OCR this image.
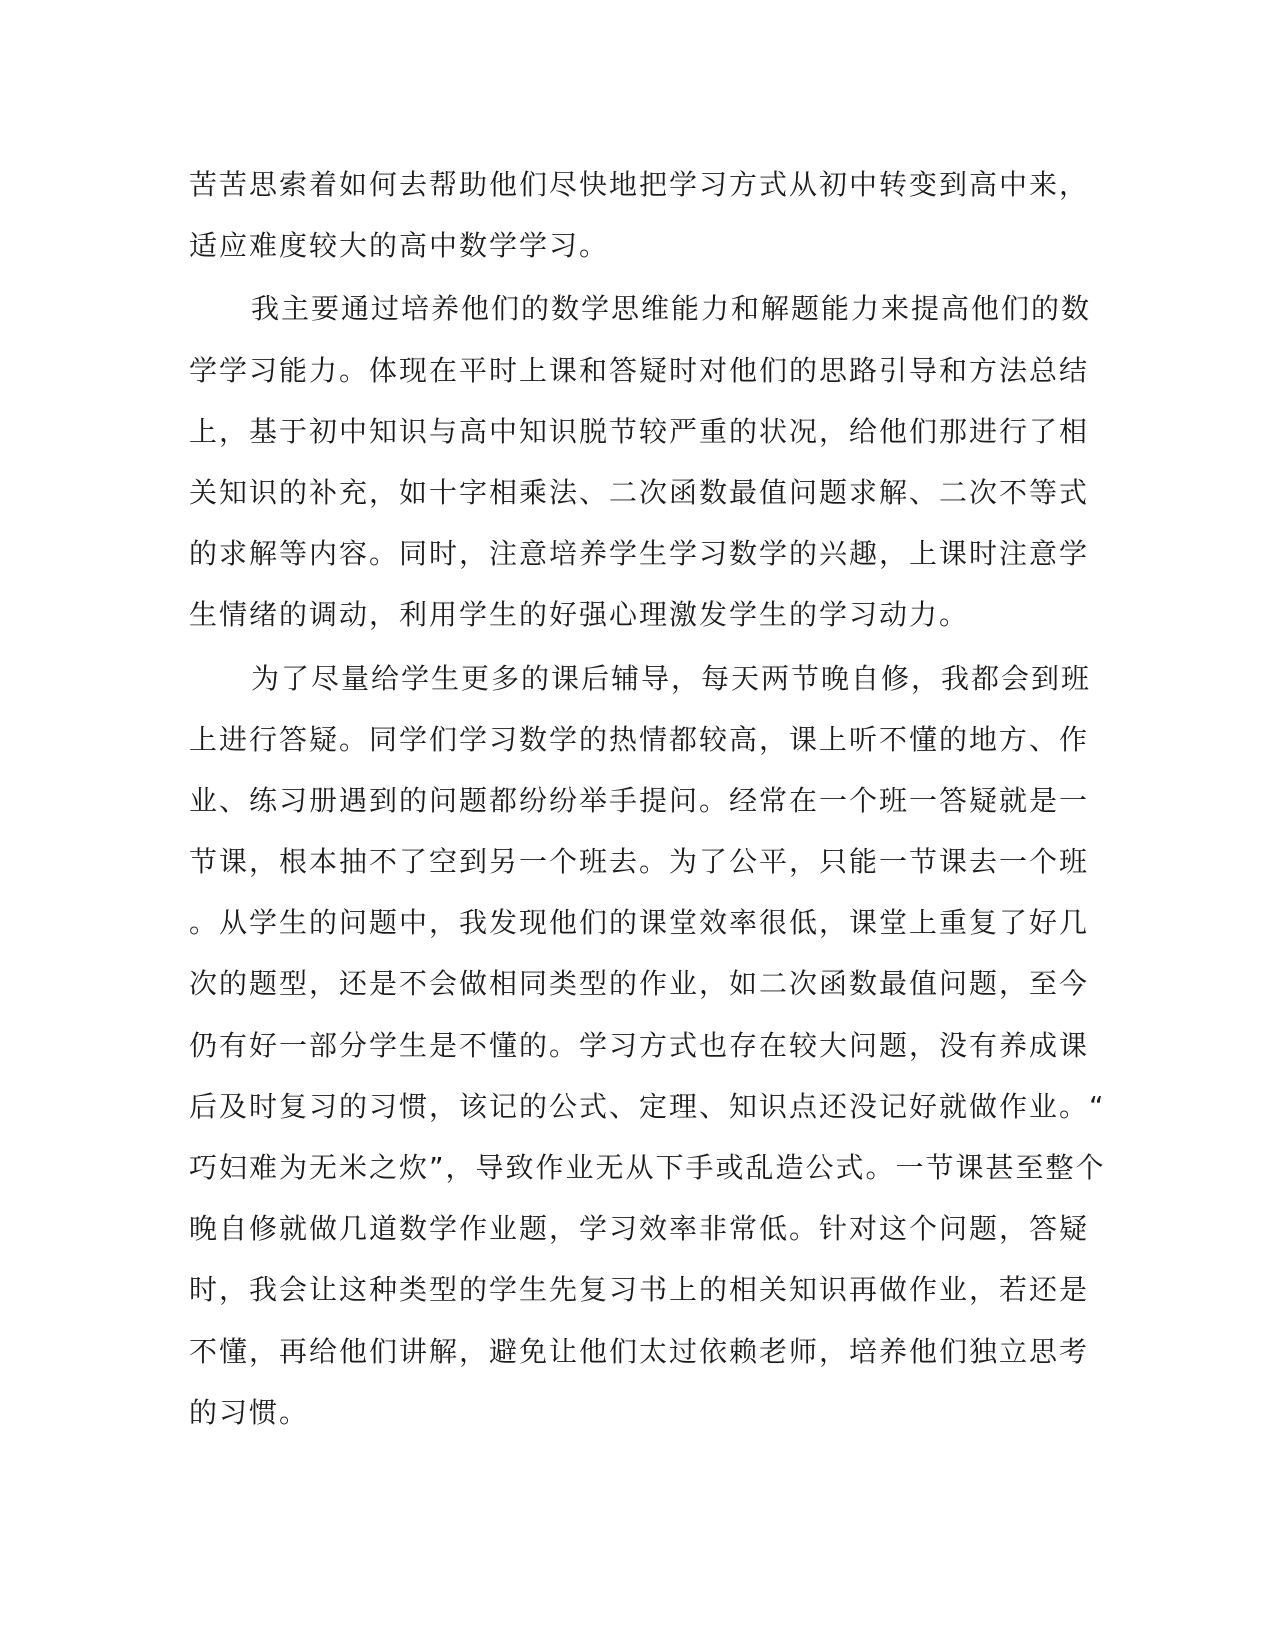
苦苦思索着如何去帮助他们尽快地把学习方式从初中转变到高中来，
适应难度较大的高中数学学习。
我主要通过培养他们的数学思维能力和解题能力来提高他们的数
学学习能力。体现在平时上课和答疑时对他们的思路引导和方法总结
上，基于初中知识与高中知识脱节较严重的状况，给他们那进行了相
关知识的补充，如十字相乘法、二次函数最值问题求解、二次不等式
的求解等内容。同时，注意培养学生学习数学的兴趣，上课时注意学
生情绪的调动，利用学生的好强心理激发学生的学习动力。
为了尽量给学生更多的课后辅导，每天两节晚自修，我都会到班
上进行答疑。同学们学习数学的热情都较高，课上听不懂的地方、作
业、练习册遇到的问题都纷纷举手提问。经常在一个班一答疑就是一
节课，根本抽不了空到另一个班去。为了公平，只能一节课去一个班
。从学生的问题中，我发现他们的课堂效率很低，课堂上重复了好几
次的题型，还是不会做相同类型的作业，如二次函数最值问题，至今
仍有好一部分学生是不懂的。学习方式也存在较大问题，没有养成课
后及时复习的习惯，该记的公式、定理、知识点还没记好就做作业。“
巧妇难为无米之炊”，导致作业无从下手或乱造公式。一节课甚至整个
晚自修就做几道数学作业题，学习效率非常低。针对这个问题，答疑
时，我会让这种类型的学生先复习书上的相关知识再做作业，若还是
不懂，再给他们讲解，避免让他们太过依赖老师，培养他们独立思考
的习惯。
